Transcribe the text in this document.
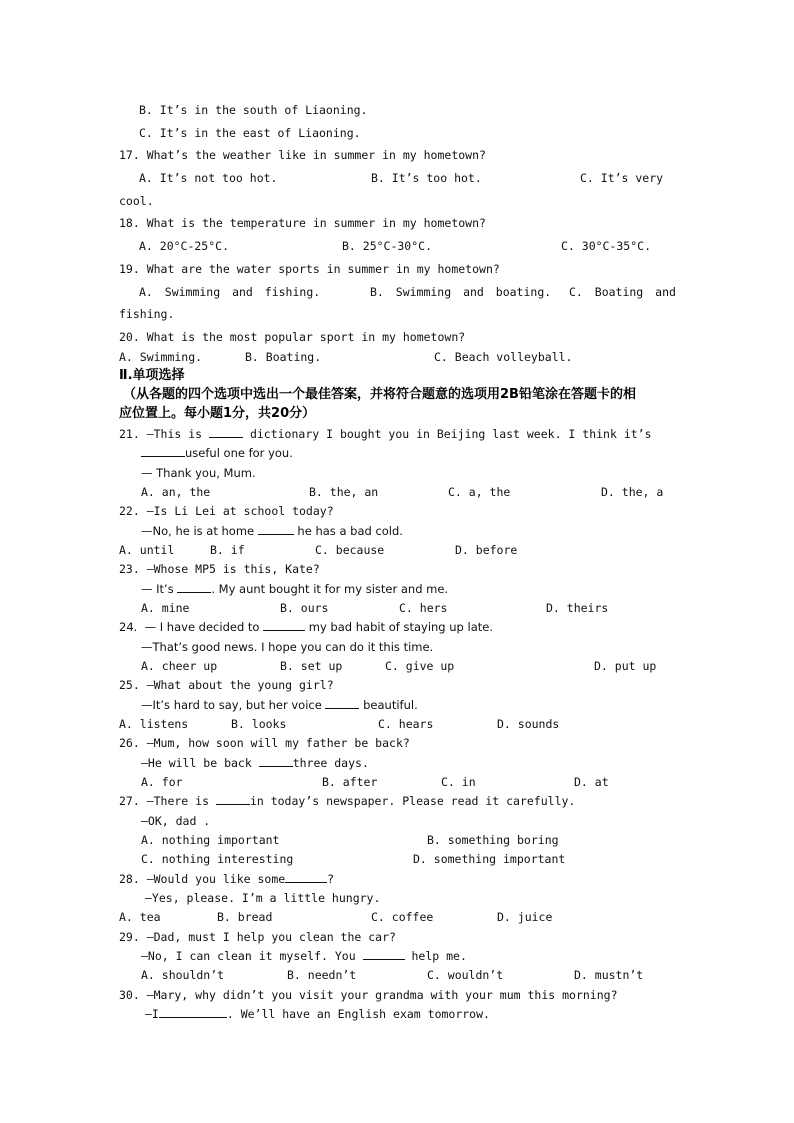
B. It’s in the south of Liaoning.
C. It’s in the east of Liaoning.
17. What’s the weather like in summer in my hometown?
A. It’s not too hot.	B. It’s too hot.	C. It’s very
cool.
18. What is the temperature in summer in my hometown?
A. 20°C-25°C.	B. 25°C-30°C.	C. 30°C-35°C.
19. What are the water sports in summer in my hometown?
A. Swimming and fishing.	B. Swimming and boating. C. Boating and
fishing.
20. What is the most popular sport in my hometown?
A. Swimming.	B. Boating.	C. Beach volleyball.
Ⅱ.单项选择
（从各题的四个选项中选出一个最佳答案，并将符合题意的选项用2B铅笔涂在答题卡的相
应位置上。每小题1分，共20分）
21. —This is	dictionary I bought you in Beijing last week. I think it’s
useful one for you.
— Thank you, Mum.
A. an, the	B. the, an	C. a, the	D. the, a
22. —Is Li Lei at school today?
—No, he is at home	he has a bad cold.
A. until	B. if	C. because	D. before
23. —Whose MP5 is this, Kate?
— It’s	. My aunt bought it for my sister and me.
A. mine	B. ours	C. hers	D. theirs
24.  — I have decided to	my bad habit of staying up late.
—That’s good news. I hope you can do it this time.
A. cheer up	B. set up	C. give up	D. put up
25. —What about the young girl?
—It’s hard to say, but her voice	beautiful.
A. listens	B. looks	C. hears	D. sounds
26. —Mum, how soon will my father be back?
—He will be back	three days.
A. for	B. after	C. in	D. at
27. —There is	in today’s newspaper. Please read it carefully.
—OK, dad .
A. nothing important	B. something boring
C. nothing interesting	D. something important
28. —Would you like some	?
—Yes, please. I’m a little hungry.
A. tea	B. bread	C. coffee	D. juice
29. —Dad, must I help you clean the car?
—No, I can clean it myself. You	help me.
A. shouldn’t	B. needn’t	C. wouldn’t	D. mustn’t
30. —Mary, why didn’t you visit your grandma with your mum this morning?
—I	. We’ll have an English exam tomorrow.
